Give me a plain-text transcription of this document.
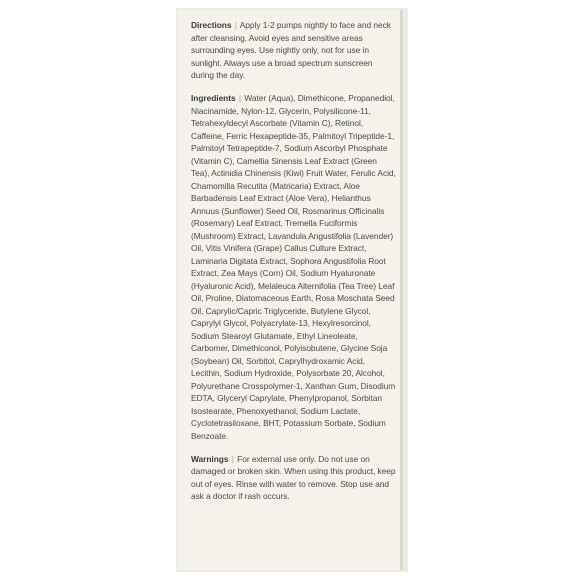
Directions | Apply 1-2 pumps nightly to face and neck after cleansing. Avoid eyes and sensitive areas surrounding eyes. Use nightly only, not for use in sunlight. Always use a broad spectrum sunscreen during the day.

Ingredients | Water (Aqua), Dimethicone, Propanediol, Niacinamide, Nylon-12, Glycerin, Polysilicone-11, Tetrahexyldecyl Ascorbate (Vitamin C), Retinol, Caffeine, Ferric Hexapeptide-35, Palmitoyl Tripeptide-1, Palmitoyl Tetrapeptide-7, Sodium Ascorbyl Phosphate (Vitamin C), Camellia Sinensis Leaf Extract (Green Tea), Actinidia Chinensis (Kiwi) Fruit Water, Ferulic Acid, Chamomilla Recutita (Matricaria) Extract, Aloe Barbadensis Leaf Extract (Aloe Vera), Helianthus Annuus (Sunflower) Seed Oil, Rosmarinus Officinalis (Rosemary) Leaf Extract, Tremella Fuciformis (Mushroom) Extract, Lavandula Angustifolia (Lavender) Oil, Vitis Vinifera (Grape) Callus Culture Extract, Laminaria Digitata Extract, Sophora Angustifolia Root Extract, Zea Mays (Corn) Oil, Sodium Hyaluronate (Hyaluronic Acid), Melaleuca Alternifolia (Tea Tree) Leaf Oil, Proline, Diatomaceous Earth, Rosa Moschata Seed Oil, Caprylic/Capric Triglyceride, Butylene Glycol, Caprylyl Glycol, Polyacrylate-13, Hexylresorcinol, Sodium Stearoyl Glutamate, Ethyl Lineoleate, Carbomer, Dimethiconol, Polyisobutene, Glycine Soja (Soybean) Oil, Sorbitol, Caprylhydroxamic Acid, Lecithin, Sodium Hydroxide, Polysorbate 20, Alcohol, Polyurethane Crosspolymer-1, Xanthan Gum, Disodium EDTA, Glyceryl Caprylate, Phenylpropanol, Sorbitan Isostearate, Phenoxyethanol, Sodium Lactate, Cyclotetrasiloxane, BHT, Potassium Sorbate, Sodium Benzoate.

Warnings | For external use only. Do not use on damaged or broken skin. When using this product, keep out of eyes. Rinse with water to remove. Stop use and ask a doctor if rash occurs.
